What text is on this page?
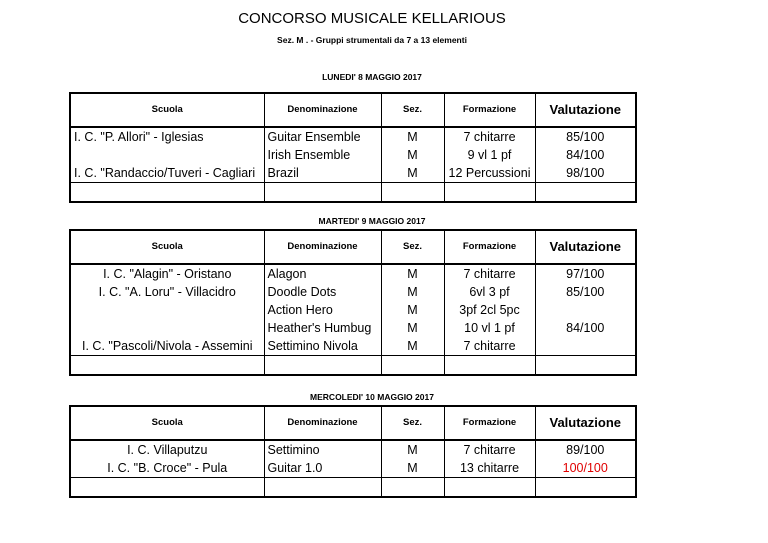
CONCORSO MUSICALE KELLARIOUS
Sez. M . - Gruppi strumentali da 7 a 13 elementi
LUNEDI' 8 MAGGIO 2017
Scuola	Denominazione	Sez.	Formazione	Valutazione
I. C. "P. Allori" - Iglesias	Guitar Ensemble	M	7 chitarre	85/100
	Irish Ensemble	M	9 vl 1 pf	84/100
I. C. "Randaccio/Tuveri - Cagliari	Brazil	M	12 Percussioni	98/100

MARTEDI' 9 MAGGIO 2017
Scuola	Denominazione	Sez.	Formazione	Valutazione
I. C. "Alagin" - Oristano	Alagon	M	7 chitarre	97/100
I. C. "A. Loru" - Villacidro	Doodle Dots	M	6vl 3 pf	85/100
	Action Hero	M	3pf 2cl 5pc	
	Heather's Humbug	M	10 vl 1 pf	84/100
I. C. "Pascoli/Nivola - Assemini	Settimino Nivola	M	7 chitarre	

MERCOLEDI' 10 MAGGIO 2017
Scuola	Denominazione	Sez.	Formazione	Valutazione
I. C. Villaputzu	Settimino	M	7 chitarre	89/100
I. C. "B. Croce" - Pula	Guitar 1.0	M	13 chitarre	100/100
